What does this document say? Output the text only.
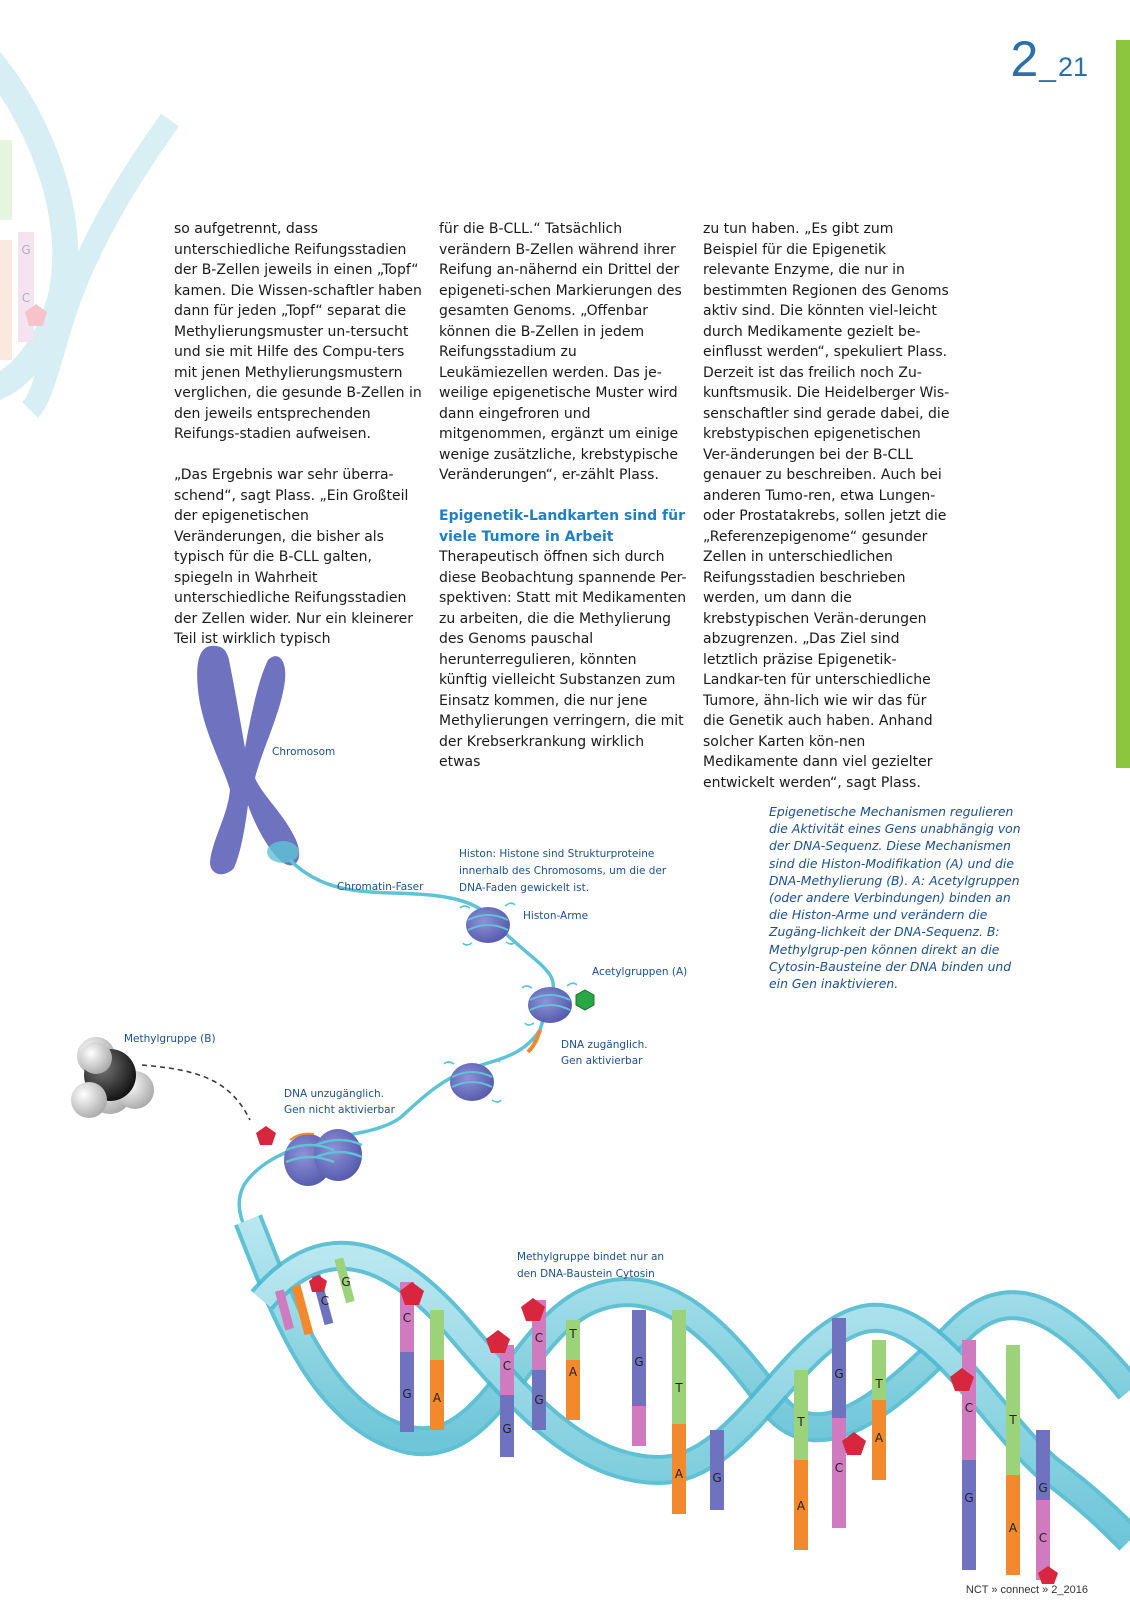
2_21
G
C
C
G A
C
G
G
C T
A
G
T
A G
T
A
G
C
T
A
C
G
T
A
G
C
G
C
Chromosom
Chromatin-Faser
Histon: Histone sind Strukturproteine
innerhalb des Chromosoms, um die der
DNA-Faden gewickelt ist.
Histon-Arme
Acetylgruppen (A)
DNA zugänglich.
Gen aktivierbar
Methylgruppe (B)
DNA unzugänglich.
Gen nicht aktivierbar
Methylgruppe bindet nur an
den DNA-Baustein Cytosin

so aufgetrennt, dass unterschiedliche Reifungsstadien der B-Zellen jeweils in einen „Topf“ kamen. Die Wissen-schaftler haben dann für jeden „Topf“ separat die Methylierungsmuster un-tersucht und sie mit Hilfe des Compu-ters mit jenen Methylierungsmustern verglichen, die gesunde B-Zellen in den jeweils entsprechenden Reifungs-stadien aufweisen.

„Das Ergebnis war sehr überra-schend“, sagt Plass. „Ein Großteil der epigenetischen Veränderungen, die bisher als typisch für die B-CLL galten, spiegeln in Wahrheit unterschiedliche Reifungsstadien der Zellen wider. Nur ein kleinerer Teil ist wirklich typisch

für die B-CLL.“ Tatsächlich verändern B-Zellen während ihrer Reifung an-nähernd ein Drittel der epigeneti-schen Markierungen des gesamten Genoms. „Offenbar können die B-Zellen in jedem Reifungsstadium zu Leukämiezellen werden. Das je-weilige epigenetische Muster wird dann eingefroren und mitgenommen, ergänzt um einige wenige zusätzliche, krebstypische Veränderungen“, er-zählt Plass.

Epigenetik-Landkarten sind für viele Tumore in Arbeit

Therapeutisch öffnen sich durch diese Beobachtung spannende Per-spektiven: Statt mit Medikamenten zu arbeiten, die die Methylierung des Genoms pauschal herunterregulieren, könnten künftig vielleicht Substanzen zum Einsatz kommen, die nur jene Methylierungen verringern, die mit der Krebserkrankung wirklich etwas

zu tun haben. „Es gibt zum Beispiel für die Epigenetik relevante Enzyme, die nur in bestimmten Regionen des Genoms aktiv sind. Die könnten viel-leicht durch Medikamente gezielt be-einflusst werden“, spekuliert Plass. Derzeit ist das freilich noch Zu-kunftsmusik. Die Heidelberger Wis-senschaftler sind gerade dabei, die krebstypischen epigenetischen Ver-änderungen bei der B-CLL genauer zu beschreiben. Auch bei anderen Tumo-ren, etwa Lungen- oder Prostatakrebs, sollen jetzt die „Referenzepigenome“ gesunder Zellen in unterschiedlichen Reifungsstadien beschrieben werden, um dann die krebstypischen Verän-derungen abzugrenzen. „Das Ziel sind letztlich präzise Epigenetik-Landkar-ten für unterschiedliche Tumore, ähn-lich wie wir das für die Genetik auch haben. Anhand solcher Karten kön-nen Medikamente dann viel gezielter entwickelt werden“, sagt Plass.

Epigenetische Mechanismen regulieren die Aktivität eines Gens unabhängig von der DNA-Sequenz. Diese Mechanismen sind die Histon-Modifikation (A) und die DNA-Methylierung (B). A: Acetylgruppen (oder andere Verbindungen) binden an die Histon-Arme und verändern die Zugäng-lichkeit der DNA-Sequenz. B: Methylgrup-pen können direkt an die Cytosin-Bausteine der DNA binden und ein Gen inaktivieren.
NCT » connect » 2_2016
